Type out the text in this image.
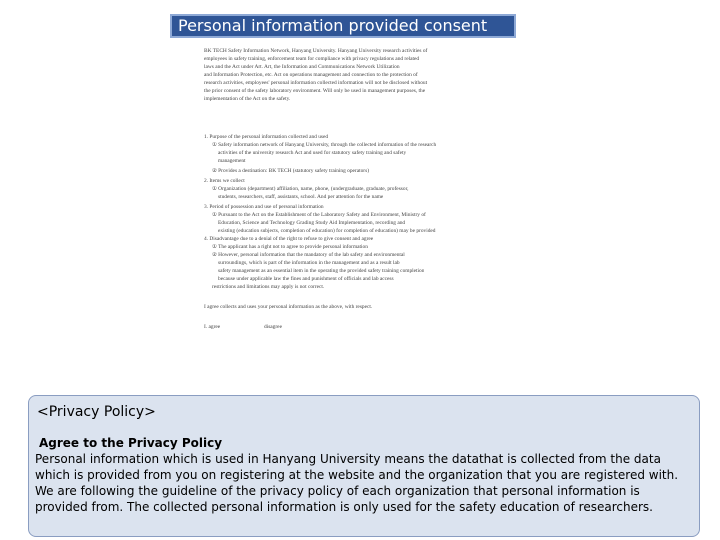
Personal information provided consent
BK TECH Safety Information Network, Hanyang University. Hanyang University research activities of
employees in safety training, enforcement team for compliance with privacy regulations and related
laws and the Act under Art. Art, the Information and Communications Network Utilization
and Information Protection, etc. Act on operations management and connection to the protection of
research activities, employees' personal information collected information will not be disclosed without
the prior consent of the safety laboratory environment. Will only be used in management purposes, the
implementation of the Act on the safety.
1. Purpose of the personal information collected and used
① Safety information network of Hanyang University, through the collected information of the research
activities of the university research Act and used for statutory safety training and safety
management
② Provides a destination: BK TECH (statutory safety training operators)
2. Items we collect
① Organization (department) affiliation, name, phone, (undergraduate, graduate, professor,
students, researchers, staff, assistants, school. And per attention for the name
3. Period of possession and use of personal information
① Pursuant to the Act on the Establishment of the Laboratory Safety and Environment, Ministry of
Education, Science and Technology Grading Study Aid Implementation, recording and
existing (education subjects, completion of education) for completion of education) may be provided
4. Disadvantage due to a denial of the right to refuse to give consent and agree
① The applicant has a right not to agree to provide personal information
② However, personal information that the mandatory of the lab safety and environmental
surroundings, which is part of the information in the management and as a result lab
safety management as an essential item in the operating the provided safety training completion
because under applicable law the fines and punishment of officials and lab access
restrictions and limitations may apply is not correct.
I agree collects and uses your personal information as the above, with respect.
I. agree	disagree
<Privacy Policy>
Agree to the Privacy Policy
Personal information which is used in Hanyang University means the datathat is collected from the data which is provided from you on registering at the website and the organization that you are registered with. We are following the guideline of the privacy policy of each organization that personal information is provided from. The collected personal information is only used for the safety education of researchers.
